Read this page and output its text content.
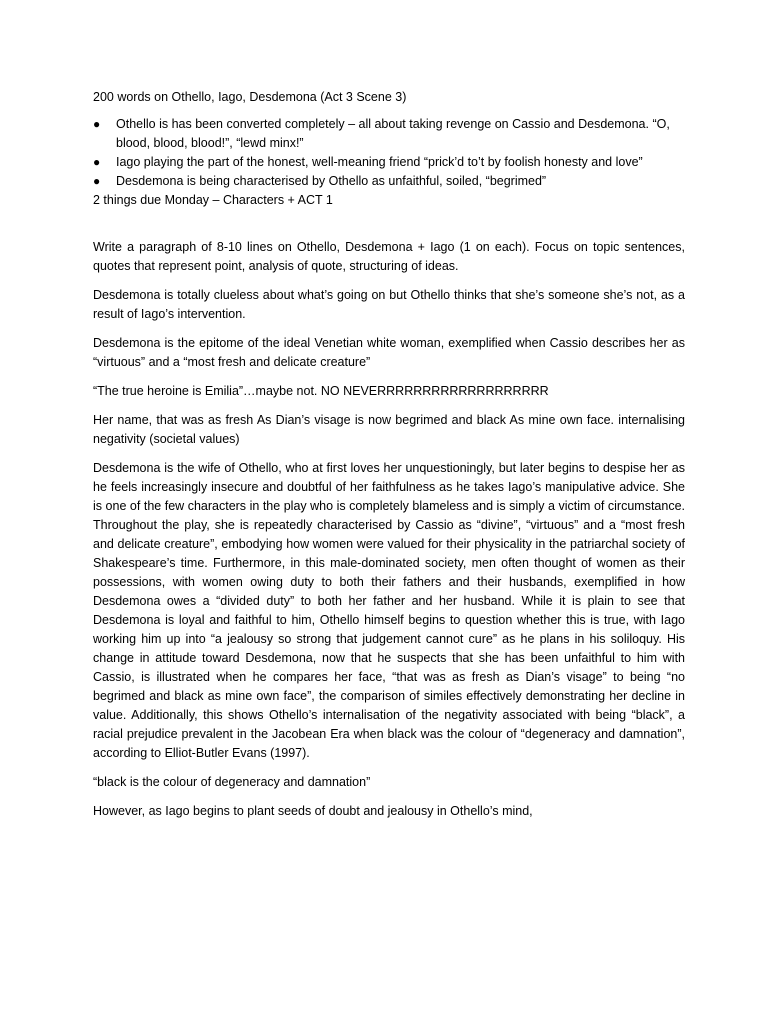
200 words on Othello, Iago, Desdemona (Act 3 Scene 3)

● Othello is has been converted completely – all about taking revenge on Cassio and Desdemona. “O, blood, blood, blood!”, “lewd minx!”
● Iago playing the part of the honest, well-meaning friend “prick’d to’t by foolish honesty and love”
● Desdemona is being characterised by Othello as unfaithful, soiled, “begrimed”

2 things due Monday – Characters + ACT 1

Write a paragraph of 8-10 lines on Othello, Desdemona + Iago (1 on each). Focus on topic sentences, quotes that represent point, analysis of quote, structuring of ideas.

Desdemona is totally clueless about what’s going on but Othello thinks that she’s someone she’s not, as a result of Iago’s intervention.

Desdemona is the epitome of the ideal Venetian white woman, exemplified when Cassio describes her as “virtuous” and a “most fresh and delicate creature”

“The true heroine is Emilia”…maybe not. NO NEVERRRRRRRRRRRRRRRRRRR

Her name, that was as fresh As Dian’s visage is now begrimed and black As mine own face. internalising negativity (societal values)

Desdemona is the wife of Othello, who at first loves her unquestioningly, but later begins to despise her as he feels increasingly insecure and doubtful of her faithfulness as he takes Iago’s manipulative advice. She is one of the few characters in the play who is completely blameless and is simply a victim of circumstance. Throughout the play, she is repeatedly characterised by Cassio as “divine”, “virtuous” and a “most fresh and delicate creature”, embodying how women were valued for their physicality in the patriarchal society of Shakespeare’s time. Furthermore, in this male-dominated society, men often thought of women as their possessions, with women owing duty to both their fathers and their husbands, exemplified in how Desdemona owes a “divided duty” to both her father and her husband. While it is plain to see that Desdemona is loyal and faithful to him, Othello himself begins to question whether this is true, with Iago working him up into “a jealousy so strong that judgement cannot cure” as he plans in his soliloquy. His change in attitude toward Desdemona, now that he suspects that she has been unfaithful to him with Cassio, is illustrated when he compares her face, “that was as fresh as Dian’s visage” to being “no begrimed and black as mine own face”, the comparison of similes effectively demonstrating her decline in value. Additionally, this shows Othello’s internalisation of the negativity associated with being “black”, a racial prejudice prevalent in the Jacobean Era when black was the colour of “degeneracy and damnation”, according to Elliot-Butler Evans (1997).

“black is the colour of degeneracy and damnation”

However, as Iago begins to plant seeds of doubt and jealousy in Othello’s mind,
